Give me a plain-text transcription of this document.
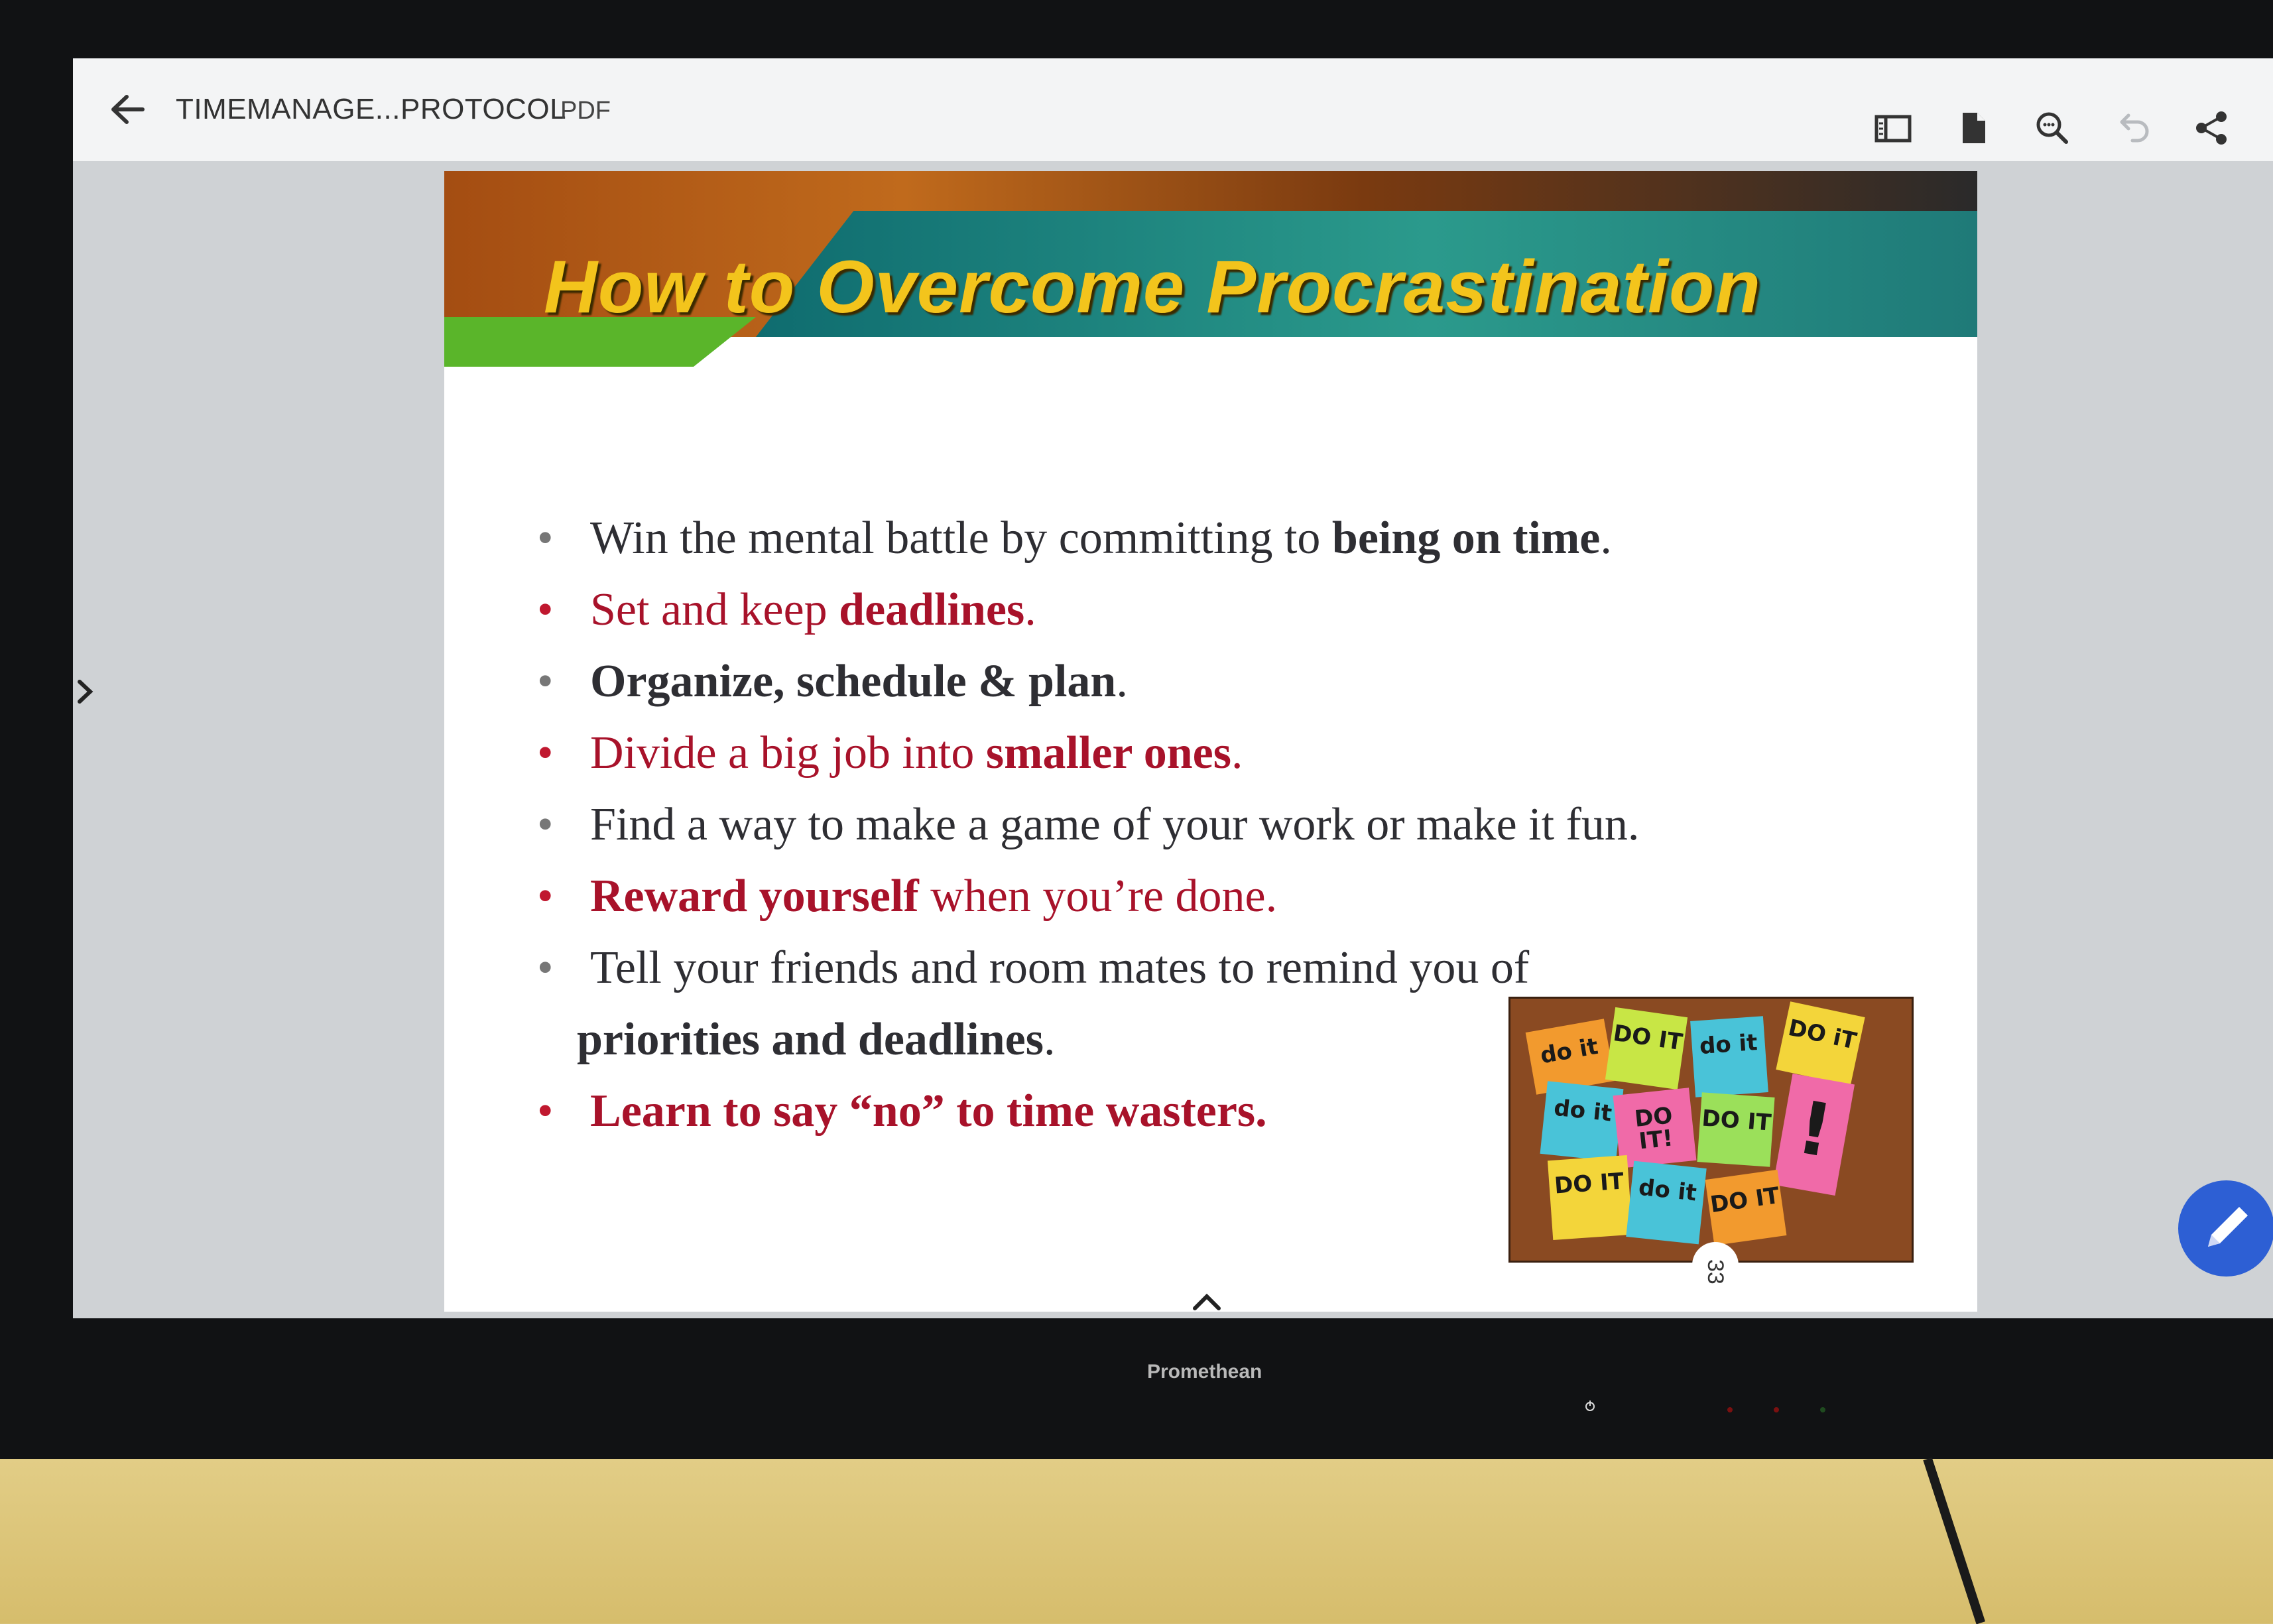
TIMEMANAGE...PROTOCOL
PDF
How to Overcome Procrastination
• Win the mental battle by committing to being on time.
• Set and keep deadlines.
• Organize, schedule & plan.
• Divide a big job into smaller ones.
• Find a way to make a game of your work or make it fun.
• Reward yourself when you’re done.
• Tell your friends and room mates to remind you of
priorities and deadlines.
• Learn to say “no” to time wasters.
do it DO IT do it	DO iT
do it DO IT!
DO IT !
DO IT do it DO IT
33
Promethean
